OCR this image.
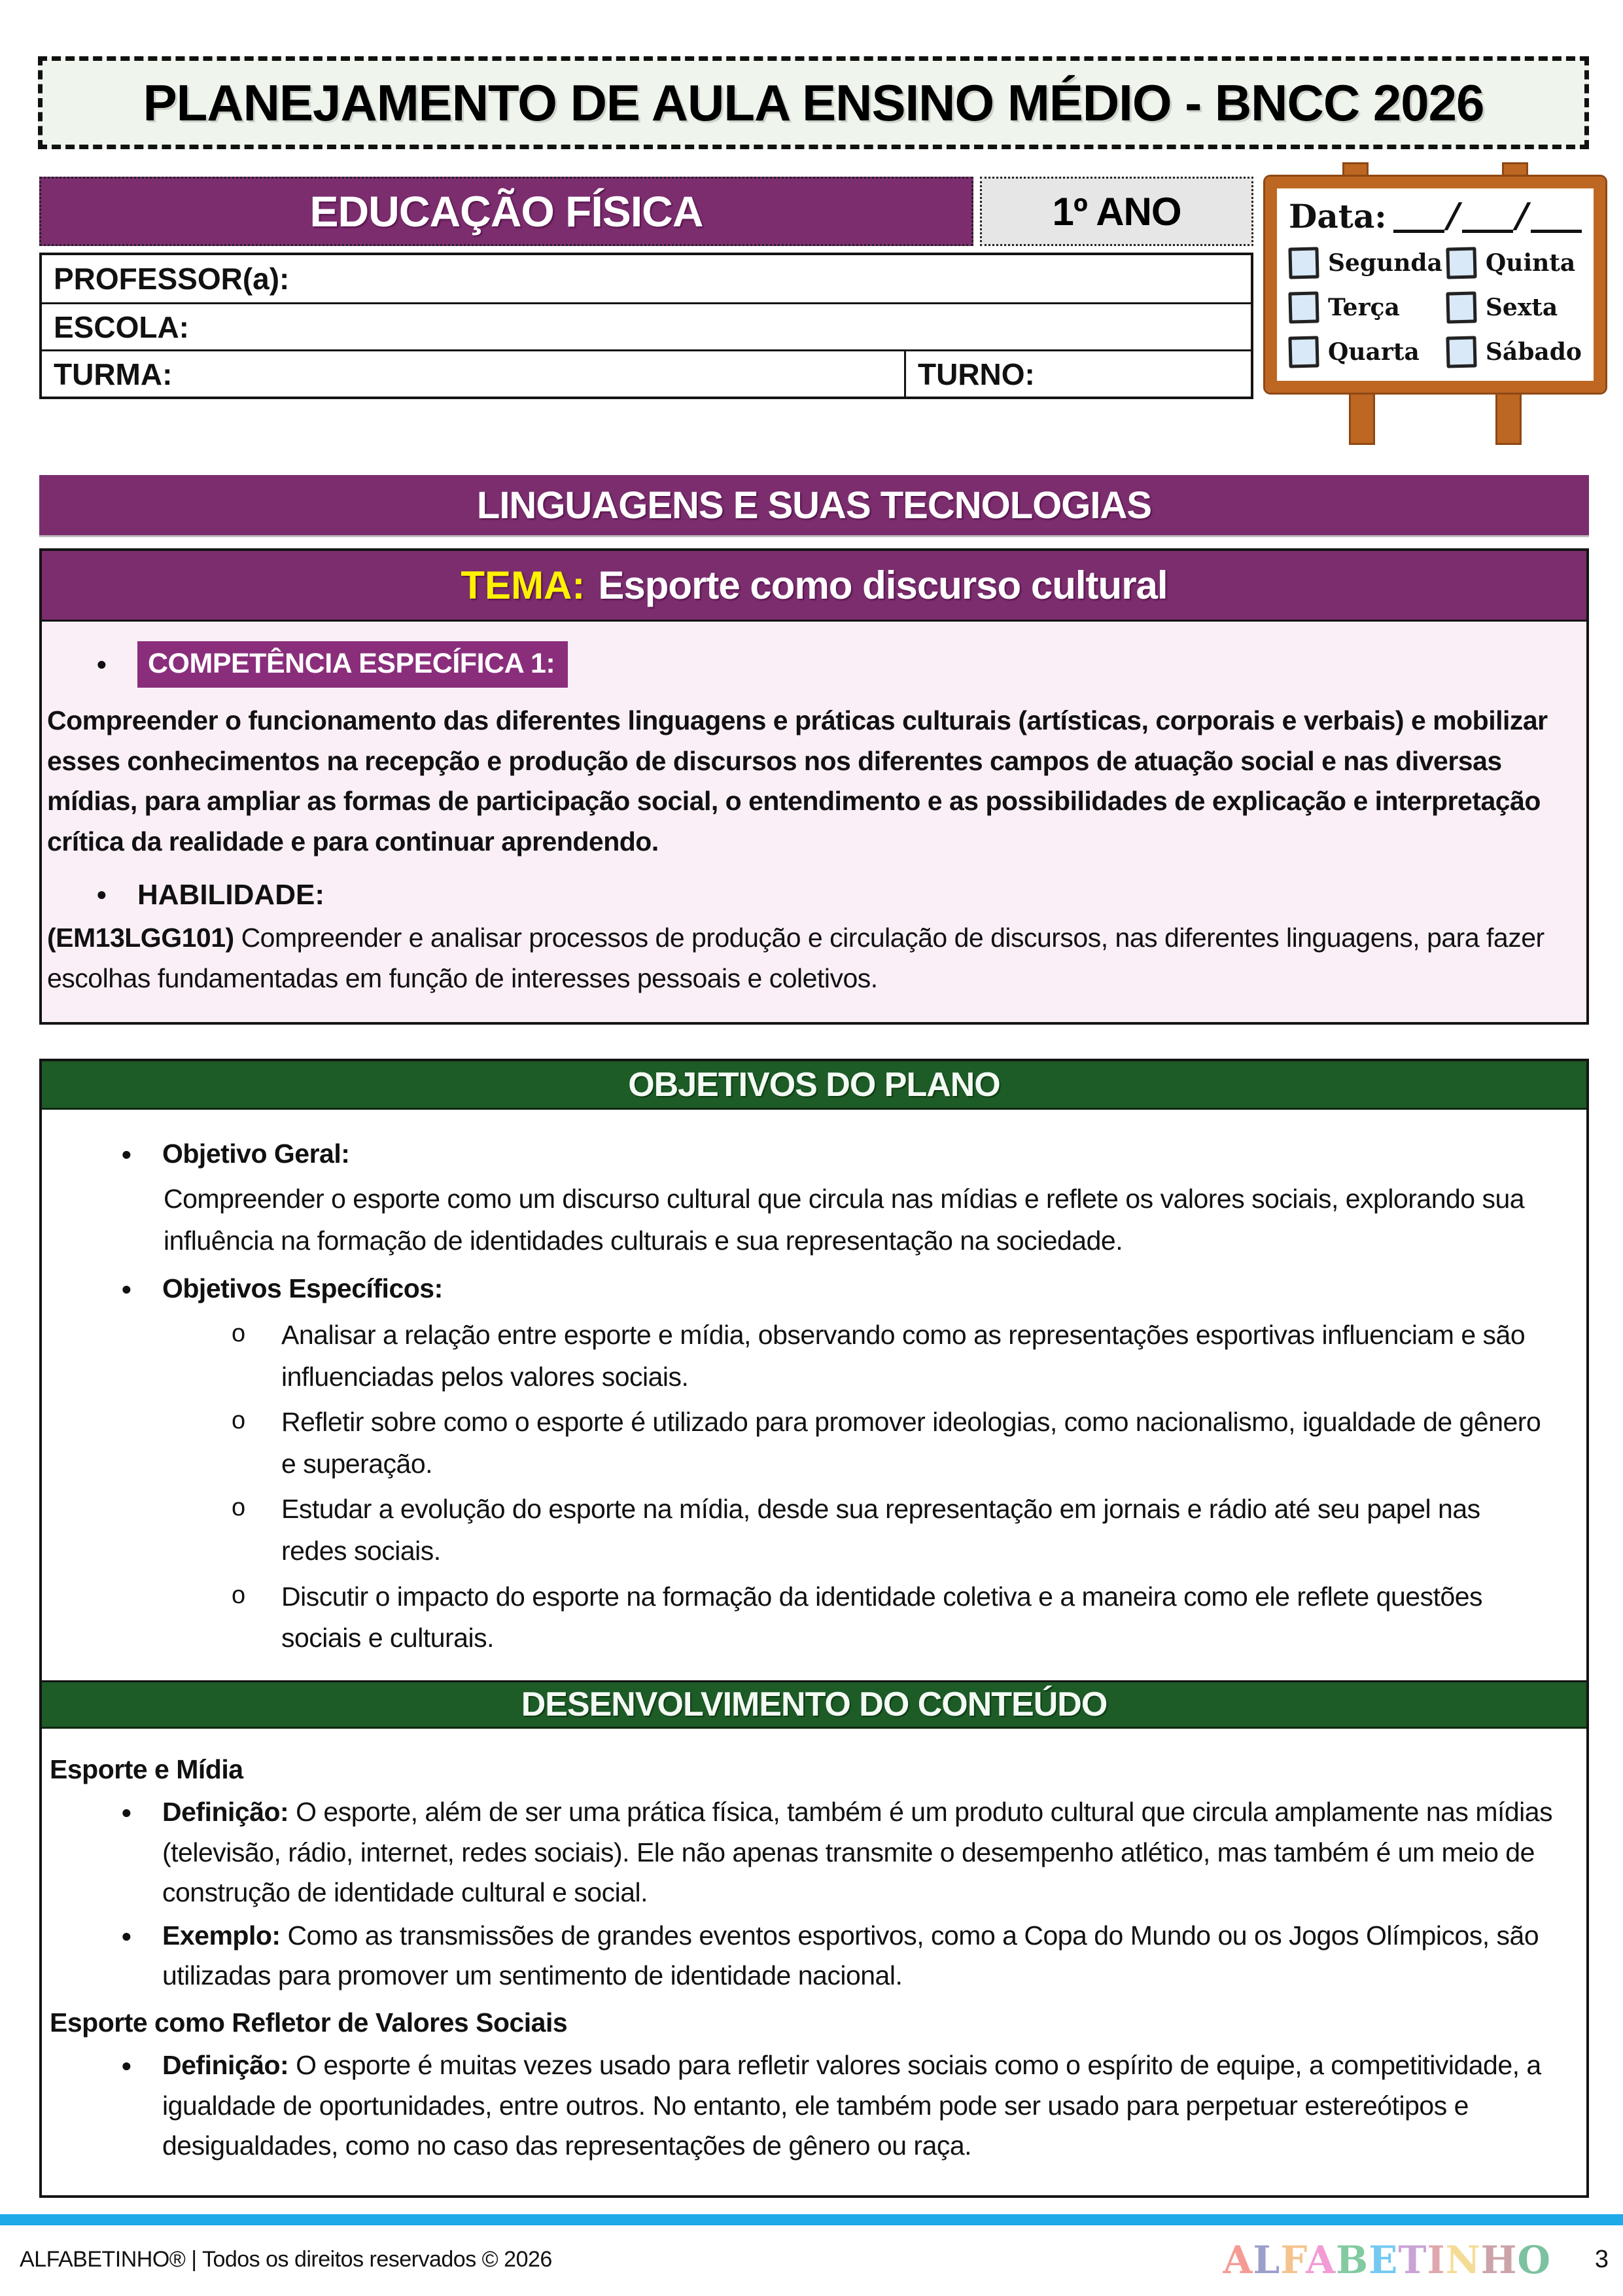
PLANEJAMENTO DE AULA ENSINO MÉDIO - BNCC 2026
EDUCAÇÃO FÍSICA	1º ANO
PROFESSOR(a):
ESCOLA:
TURMA:	TURNO:
Data: / /
Segunda Quinta
Terça	Sexta
Quarta	Sábado
LINGUAGENS E SUAS TECNOLOGIAS
TEMA: Esporte como discurso cultural
•
COMPETÊNCIA ESPECÍFICA 1:
Compreender o funcionamento das diferentes linguagens e práticas culturais (artísticas, corporais e verbais) e mobilizar esses conhecimentos na recepção e produção de discursos nos diferentes campos de atuação social e nas diversas mídias, para ampliar as formas de participação social, o entendimento e as possibilidades de explicação e interpretação crítica da realidade e para continuar aprendendo.
•
HABILIDADE:
(EM13LGG101) Compreender e analisar processos de produção e circulação de discursos, nas diferentes linguagens, para fazer escolhas fundamentadas em função de interesses pessoais e coletivos.
OBJETIVOS DO PLANO
•
Objetivo Geral:
Compreender o esporte como um discurso cultural que circula nas mídias e reflete os valores sociais, explorando sua influência na formação de identidades culturais e sua representação na sociedade.
•
Objetivos Específicos:
o
Analisar a relação entre esporte e mídia, observando como as representações esportivas influenciam e são influenciadas pelos valores sociais.
o
Refletir sobre como o esporte é utilizado para promover ideologias, como nacionalismo, igualdade de gênero e superação.
o
Estudar a evolução do esporte na mídia, desde sua representação em jornais e rádio até seu papel nas redes sociais.
o
Discutir o impacto do esporte na formação da identidade coletiva e a maneira como ele reflete questões sociais e culturais.
DESENVOLVIMENTO DO CONTEÚDO
Esporte e Mídia
•
Definição: O esporte, além de ser uma prática física, também é um produto cultural que circula amplamente nas mídias (televisão, rádio, internet, redes sociais). Ele não apenas transmite o desempenho atlético, mas também é um meio de construção de identidade cultural e social.
•
Exemplo: Como as transmissões de grandes eventos esportivos, como a Copa do Mundo ou os Jogos Olímpicos, são utilizadas para promover um sentimento de identidade nacional.
Esporte como Refletor de Valores Sociais
•
Definição: O esporte é muitas vezes usado para refletir valores sociais como o espírito de equipe, a competitividade, a igualdade de oportunidades, entre outros. No entanto, ele também pode ser usado para perpetuar estereótipos e desigualdades, como no caso das representações de gênero ou raça.
ALFABETINHO® | Todos os direitos reservados © 2026	ALFABETINHO 3
